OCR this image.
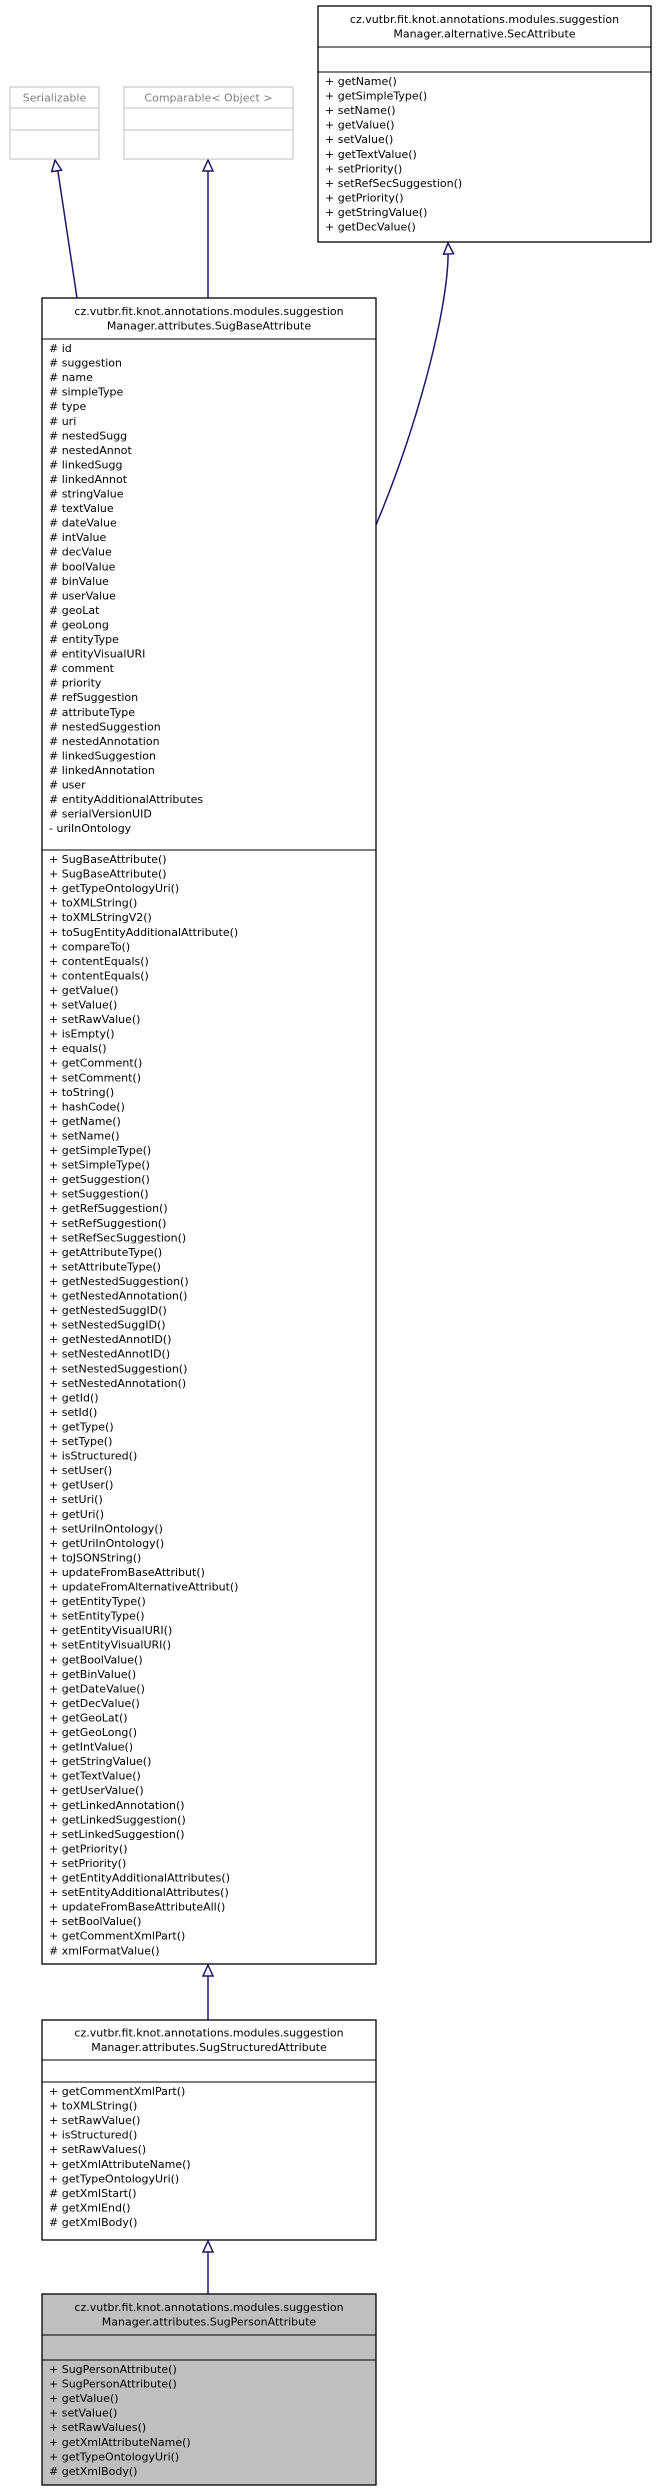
Serializable	Comparable< Object >
cz.vutbr.fit.knot.annotations.modules.suggestion
Manager.alternative.SecAttribute
+ getName()
+ getSimpleType()
+ setName()
+ getValue()
+ setValue()
+ getTextValue()
+ setPriority()
+ setRefSecSuggestion()
+ getPriority()
+ getStringValue()
+ getDecValue()
cz.vutbr.fit.knot.annotations.modules.suggestion
Manager.attributes.SugBaseAttribute
# id
# suggestion
# name
# simpleType
# type
# uri
# nestedSugg
# nestedAnnot
# linkedSugg
# linkedAnnot
# stringValue
# textValue
# dateValue
# intValue
# decValue
# boolValue
# binValue
# userValue
# geoLat
# geoLong
# entityType
# entityVisualURI
# comment
# priority
# refSuggestion
# attributeType
# nestedSuggestion
# nestedAnnotation
# linkedSuggestion
# linkedAnnotation
# user
# entityAdditionalAttributes
# serialVersionUID
- uriInOntology
+ SugBaseAttribute()
+ SugBaseAttribute()
+ getTypeOntologyUri()
+ toXMLString()
+ toXMLStringV2()
+ toSugEntityAdditionalAttribute()
+ compareTo()
+ contentEquals()
+ contentEquals()
+ getValue()
+ setValue()
+ setRawValue()
+ isEmpty()
+ equals()
+ getComment()
+ setComment()
+ toString()
+ hashCode()
+ getName()
+ setName()
+ getSimpleType()
+ setSimpleType()
+ getSuggestion()
+ setSuggestion()
+ getRefSuggestion()
+ setRefSuggestion()
+ setRefSecSuggestion()
+ getAttributeType()
+ setAttributeType()
+ getNestedSuggestion()
+ getNestedAnnotation()
+ getNestedSuggID()
+ setNestedSuggID()
+ getNestedAnnotID()
+ setNestedAnnotID()
+ setNestedSuggestion()
+ setNestedAnnotation()
+ getId()
+ setId()
+ getType()
+ setType()
+ isStructured()
+ setUser()
+ getUser()
+ setUri()
+ getUri()
+ setUriInOntology()
+ getUriInOntology()
+ toJSONString()
+ updateFromBaseAttribut()
+ updateFromAlternativeAttribut()
+ getEntityType()
+ setEntityType()
+ getEntityVisualURI()
+ setEntityVisualURI()
+ getBoolValue()
+ getBinValue()
+ getDateValue()
+ getDecValue()
+ getGeoLat()
+ getGeoLong()
+ getIntValue()
+ getStringValue()
+ getTextValue()
+ getUserValue()
+ getLinkedAnnotation()
+ getLinkedSuggestion()
+ setLinkedSuggestion()
+ getPriority()
+ setPriority()
+ getEntityAdditionalAttributes()
+ setEntityAdditionalAttributes()
+ updateFromBaseAttributeAll()
+ setBoolValue()
+ getCommentXmlPart()
# xmlFormatValue()
cz.vutbr.fit.knot.annotations.modules.suggestion
Manager.attributes.SugStructuredAttribute
+ getCommentXmlPart()
+ toXMLString()
+ setRawValue()
+ isStructured()
+ setRawValues()
+ getXmlAttributeName()
+ getTypeOntologyUri()
# getXmlStart()
# getXmlEnd()
# getXmlBody()
cz.vutbr.fit.knot.annotations.modules.suggestion
Manager.attributes.SugPersonAttribute
+ SugPersonAttribute()
+ SugPersonAttribute()
+ getValue()
+ setValue()
+ setRawValues()
+ getXmlAttributeName()
+ getTypeOntologyUri()
# getXmlBody()
